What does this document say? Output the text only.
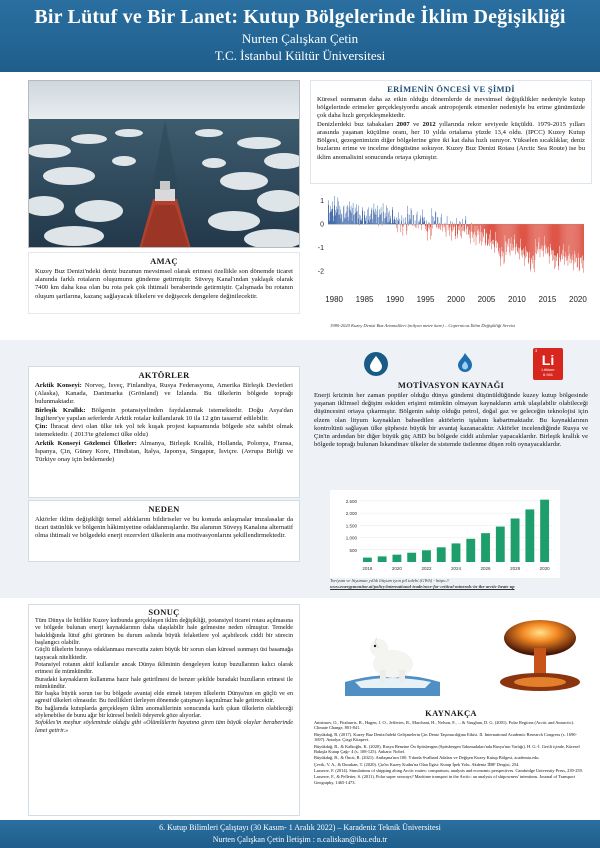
Bir Lütuf ve Bir Lanet: Kutup Bölgelerinde İklim Değişikliği
Nurten Çalışkan Çetin
T.C. İstanbul Kültür Üniversitesi
ERİMENİN ÖNCESİ VE ŞİMDİ

Küresel ısınmanın daha az etkin olduğu dönemlerde de mevsimsel değişiklikler nedeniyle kutup bölgelerinde erimeler gerçekleşiyordu ancak antropojenik etmenler nedeniyle bu erime günümüzde çok daha hızlı gerçekleşmektedir.

Denizlerdeki buz tabakaları 2007 ve 2012 yıllarında rekor seviyede küçüldü. 1979-2015 yılları arasında yaşanan küçülme oranı, her 10 yılda ortalama yüzde 13,4 oldu. (IPCC) Kuzey Kutup Bölgesi, gezegenimizin diğer bölgelerine göre iki kat daha hızlı ısınıyor. Yükselen sıcaklıklar, deniz buzlarını erime ve incelme döngüsüne sokuyor. Kuzey Buz Denizi Rotası (Arctic Sea Route) ise bu iklim anomalisini sonucunda ortaya çıkmıştır.

1
0
-1
-2
1980 1985 1990 1995 2000 2005 2010 2015 2020
1980-2020 Kuzey Denizi Buz Anomalileri (milyon metre kare) – Copernicus İklim Değişikliği Servisi
AMAÇ

Kuzey Buz Denizi'ndeki deniz buzunun mevsimsel olarak erimesi özellikle son dönemde ticaret alanında farklı rotaların oluşumunu gündeme getirmiştir. Süveyş Kanal'ından yaklaşık olarak 7400 km daha kısa olan bu rota pek çok ihtimali beraberinde getirmiştir. Çalışmada bu rotanın oluşum şartlarına, kazanç sağlayacak ülkelere ve değişecek dengelere değinilecektir.

AKTÖRLER

Arktik Konseyi: Norveç, İsveç, Finlandiya, Rusya Federasyonu, Amerika Birleşik Devletleri (Alaska), Kanada, Danimarka (Grönland) ve İzlanda. Bu ülkelerin bölgede toprağı bulunmaktadır.

Birleşik Krallık: Bölgenin potansiyelinden faydalanmak istemektedir. Doğu Asya'dan İngiltere'ye yapılan seferlerde Arktik rotalar kullanılarak 10 ila 12 gün tasarruf edilebilir.

Çin: İhracat devi olan ülke tek yol tek kuşak projesi kapsamında bölgede söz sahibi olmak istemektedir. ( 2013'te gözlemci ülke oldu)

Arktik Konseyi Gözlemci Ülkeler: Almanya, Birleşik Krallık, Hollanda, Polonya, Fransa, İspanya, Çin, Güney Kore, Hindistan, İtalya, Japonya, Singapur, İsviçre. (Avrupa Birliği ve Türkiye onay için beklemede)

NEDEN

Aktörler iklim değişikliği temel aldıklarını bildiriseler ve bu konuda anlaşmalar imzalasalar da ticari üstünlük ve bölgenin hâkimiyetine odaklanmışlardır. Bu alanının Süveyş Kanalına alternatif olma ihtimali ve bölgedeki enerji rezervleri ülkelerin ana motivasyonlarını şekillendirmektedir.

3
Li
Lithium
6.941
MOTİVASYON KAYNAĞI

Enerji krizinin her zaman popüler olduğu dünya gündemi düşünüldüğünde kuzey kutup bölgesinde yaşanan iklimsel değişim eskiden erişimi mümkün olmayan kaynakların artık ulaşılabilir olabileceği düşüncesini ortaya çıkarmıştır. Bölgenin sahip olduğu petrol, doğal gaz ve geleceğin teknolojisi için elzem olan lityum kaynakları bahsedilen aktörlerin iştahını kabartmaktadır. Bu kaynaklarının kontrolünü sağlayan ülke şüphesiz büyük bir avantaj kazanacaktır. Aktörler incelendiğinde Rusya ve Çin'in ardından bir diğer büyük güç ABD bu bölgede ciddi atılımlar yapacaklardır. Birleşik krallık ve bölgede toprağı bulunan İskandinav ülkeler de sistemde üstlenme düşen rolü oynayacaklardır.

2.500
2.000
1.500
1.000
500
2018	2020	2022	2024	2026	2028	2030
Toriyum ve lityumun yıllık litiyum iyon pil talebi (GWh) - https://
www.energymonitor.ai/policy/international-trade/race-for-critical-minerals-in-the-arctic-heats-up
SONUÇ

Tüm Dünya ile birlikte Kuzey kutbunda gerçekleşen iklim değişikliği, potansiyel ticaret rotası açılmasına ve bölgede bulunan enerji kaynaklarının daha ulaşılabilir hale gelmesine neden olmuştur. Temelde bakıldığında lütuf gibi görünen bu durum aslında büyük felaketlere yol açabilecek ciddi bir sürecin başlangıcı olabilir.

Güçlü ülkelerin buraya odaklanması mevcutta zaten büyük bir sorun olan küresel ısınmayı üst basamağa taşıyacak niteliktedir.

Potansiyel rotanın aktif kullanılır ancak Dünya ikliminin dengeleyen kutup buzullarının kalıcı olarak erimesi ile mümkündür.

Buradaki kaynakların kullanıma hazır hale getirilmesi de benzer şekilde buradaki buzulların erimesi ile mümkündür.

Bir başka büyük sorun ise bu bölgede avantaj elde etmek isteyen ülkelerin Dünya'nın en güçlü ve en agresif ülkeleri olmasıdır. Bu özellikleri ilerleyen dönemde çatışmayı kaçınılmaz hale getirecektir.

Bu bağlamda kutuplarda gerçekleşen iklim anomalilerinin sonucunda karlı çıkan ülkelerin olabileceği söylenebilse de bunu ağır bir küresel bedeli ödeyerek göze alıyorlar.

Sofokles'in meşhur söyleminde olduğu gibi «Ölümlülerin hayatına giren tüm büyük olaylar beraberinde lanet getirir.»

KAYNAKÇA

Anisimov, O., Fitzharris, B., Hagen, J. O., Jefferies, R., Marchant, H., Nelson, F., ... & Vaughan, D. G. (2001). Polar Regions (Arctic and Antarctic). Climate Change, 801-841.

Büyükdağ, B. (2017). Kuzey Buz Denizi'ndeki Gelişmelerin Çin Deniz Taşımacılığına Etkisi. II. International Academic Research Congress (s. 1690-1697). Antalya: Çizgi Kitapevi.

Büyükdağ, B., & Kalkoğlu, K. (2020). Rusya Benzine Ön Spitsbergen (Spitsbergen Takımadaları'nda Rusya'nın Varlığı). H. G.-İ. Gerili içinde, Küresel Bakışla Kutup Çağı- 4 (s. 108-125). Ankara: Nobel.

Büyükdağ, B., & Öncü, R. (2021). Antlaşma'nın 100. Yılında Svalbard Adaları ve Değişen Kuzey Kutup Bölgesi, academia.edu.

Çevik, V. A., & Durukan, T. (2020). Çin'in Kuzey Kutbu'na Olan İlgisi: Kutup İpek Yolu. Akdeniz İİBF Dergisi, 254.

Lasserre, F. (2014). Simulations of shipping along Arctic routes: comparison, analysis and economic perspectives. Cambridge University Press, 239-259.

Lasserre, F., & Pelletier, S. (2011). Polar super seaways? Maritime transport in the Arctic: an analysis of shipowners' intentions. Journal of Transport Geography, 1465-1473.

6. Kutup Bilimleri Çalıştayı (30 Kasım- 1 Aralık 2022) – Karadeniz Teknik Üniversitesi
Nurten Çalışkan Çetin İletişim : n.caliskan@iku.edu.tr
